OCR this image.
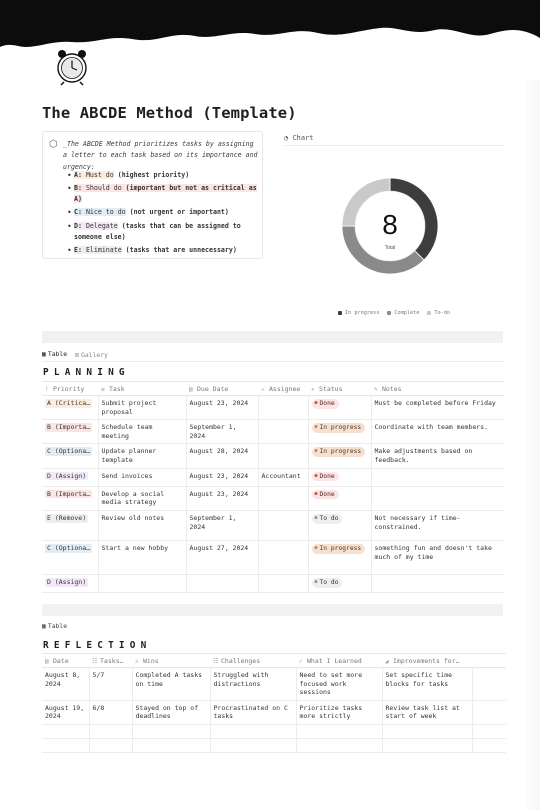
The ABCDE Method (Template)
⬡ _The ABCDE Method prioritizes tasks by assigning a letter to each task based on its importance and urgency:
• A: Must do (highest priority)
• B: Should do (important but not as critical as A)
• C: Nice to do (not urgent or important)
• D: Delegate (tasks that can be assigned to someone else)
• E: Eliminate (tasks that are unnecessary)
◔ Chart
8
Total
In progress	Complete	To-do
▦ Table ⊞ Gallery
PLANNING
! Priority	≡ Task	▤ Due Date	♙ Assignee	✳ Status	✎ Notes
A (Critica…	Submit project proposal	August 23, 2024		● Done	Must be completed before Friday
B (Importa…	Schedule team meeting	September 1, 2024		● In progress	Coordinate with team members.
C (Optiona…	Update planner template	August 28, 2024		● In progress	Make adjustments based on feedback.
D (Assign)	Send invoices	August 23, 2024	Accountant	● Done	
B (Importa…	Develop a social media strategy	August 23, 2024		● Done	
E (Remove)	Review old notes	September 1, 2024		● To do	Not necessary if time-constrained.
C (Optiona…	Start a new hobby	August 27, 2024		● In progress	something fun and doesn't take much of my time
D (Assign)				● To do	
▦ Table
REFLECTION
▤ Date	☷ Tasks…	♕ Wins	☷ Challenges	✓ What I Learned	◢ Improvements for…	
August 8, 2024	5/7	Completed A tasks on time	Struggled with distractions	Need to set more focused work sessions	Set specific time blocks for tasks	
August 19, 2024	6/8	Stayed on top of deadlines	Procrastinated on C tasks	Prioritize tasks more strictly	Review task list at start of week	
